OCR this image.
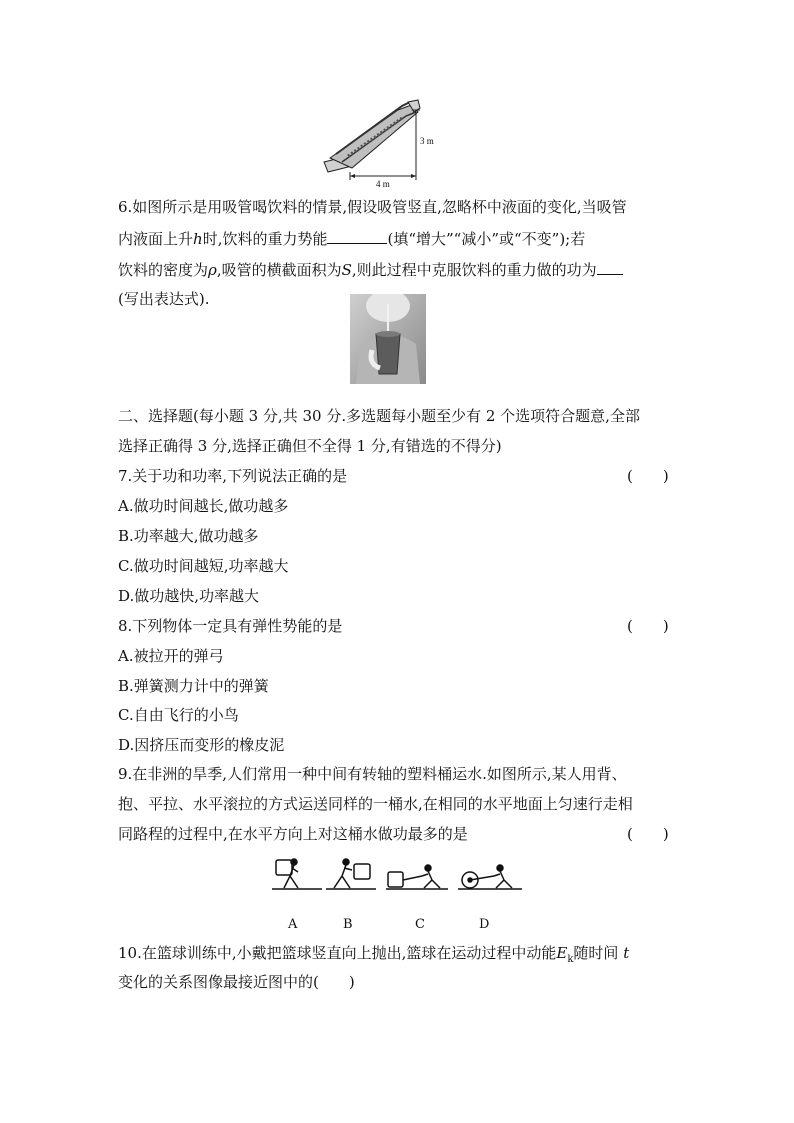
3 m
4 m
6.如图所示是用吸管喝饮料的情景,假设吸管竖直,忽略杯中液面的变化,当吸管
内液面上升h时,饮料的重力势能	(填“增大”“减小”或“不变”);若
饮料的密度为ρ,吸管的横截面积为S,则此过程中克服饮料的重力做的功为
(写出表达式).
二、选择题(每小题 3 分,共 30 分.多选题每小题至少有 2 个选项符合题意,全部
选择正确得 3 分,选择正确但不全得 1 分,有错选的不得分)
7.关于功和功率,下列说法正确的是	(　　)
A.做功时间越长,做功越多
B.功率越大,做功越多
C.做功时间越短,功率越大
D.做功越快,功率越大
8.下列物体一定具有弹性势能的是	(　　)
A.被拉开的弹弓
B.弹簧测力计中的弹簧
C.自由飞行的小鸟
D.因挤压而变形的橡皮泥
9.在非洲的旱季,人们常用一种中间有转轴的塑料桶运水.如图所示,某人用背、
抱、平拉、水平滚拉的方式运送同样的一桶水,在相同的水平地面上匀速行走相
同路程的过程中,在水平方向上对这桶水做功最多的是	(　　)
A	B	C	D
10.在篮球训练中,小戴把篮球竖直向上抛出,篮球在运动过程中动能$E_k$随时间 t
变化的关系图像最接近图中的(　　)
